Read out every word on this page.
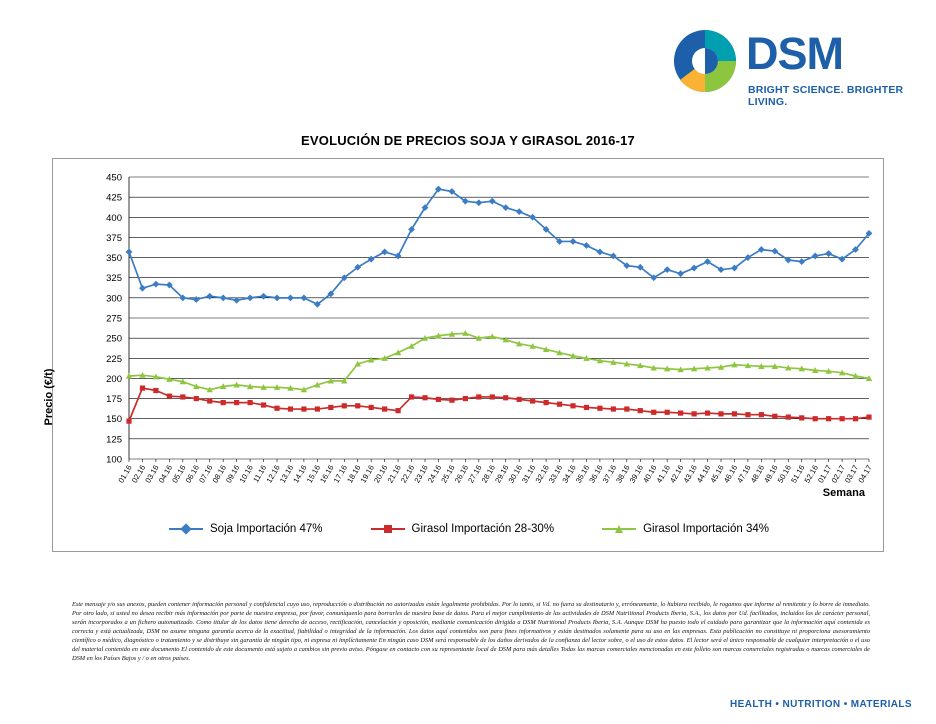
DSM
BRIGHT SCIENCE. BRIGHTER LIVING.
EVOLUCIÓN DE PRECIOS SOJA Y GIRASOL 2016-17
Precio (€/t)
Semana
100
125
150
175
200
225
250
275
300
325
350
375
400
425
450
01.16
02.16
03.16
04.16
05.16
06.16
07.16
08.16
09.16
10.16
11.16
12.16
13.16
14.16
15.16
16.16
17.16
18.16
19.16
20.16
21.16
22.16
23.16
24.16
25.16
26.16
27.16
28.16
29.16
30.16
31.16
32.16
33.16
34.16
35.16
36.16
37.16
38.16
39.16
40.16
41.16
42.16
43.16
44.16
45.16
46.16
47.16
48.16
49.16
50.16
51.16
52.16
01.17
02.17
03.17
04.17
Soja Importación 47%	Girasol Importación 28-30%	Girasol Importación 34%
Este mensaje y/o sus anexos, pueden contener información personal y confidencial cuyo uso, reproducción o distribución no autorizadas están legalmente prohibidas. Por lo tanto, si Vd. no fuera su destinatario y, erróneamente, lo hubiera recibido, le rogamos que informe al remitente y lo borre de inmediato. Por otro lado, si usted no desea recibir más información por parte de nuestra empresa, por favor, comuníquenlo para borrarles de nuestra base de datos. Para el mejor cumplimiento de las actividades de DSM Nutritional Products Iberia, S.A., los datos por Ud. facilitados, incluidos los de carácter personal, serán incorporados a un fichero automatizado. Como titular de los datos tiene derecho de acceso, rectificación, cancelación y oposición, mediante comunicación dirigida a DSM Nutritional Products Iberia, S.A. Aunque DSM ha puesto todo el cuidado para garantizar que la información aquí contenida es correcta y está actualizada, DSM no asume ninguna garantía acerca de la exactitud, fiabilidad o integridad de la información. Los datos aquí contenidos son para fines informativos y están destinados solamente para su uso en las empresas. Esta publicación no constituye ni proporciona asesoramiento científico o médico, diagnóstico o tratamiento y se distribuye sin garantía de ningún tipo, ni expresa ni implícitamente En ningún caso DSM será responsable de los daños derivados de la confianza del lector sobre, o el uso de estos datos. El lector será el único responsable de cualquier interpretación o el uso del material contenido en este documento El contenido de este documento está sujeto a cambios sin previo aviso. Póngase en contacto con su representante local de DSM para más detalles Todas las marcas comerciales mencionadas en este folleto son marcas comerciales registradas o marcas comerciales de DSM en los Países Bajos y / o en otros países.
HEALTH • NUTRITION • MATERIALS
